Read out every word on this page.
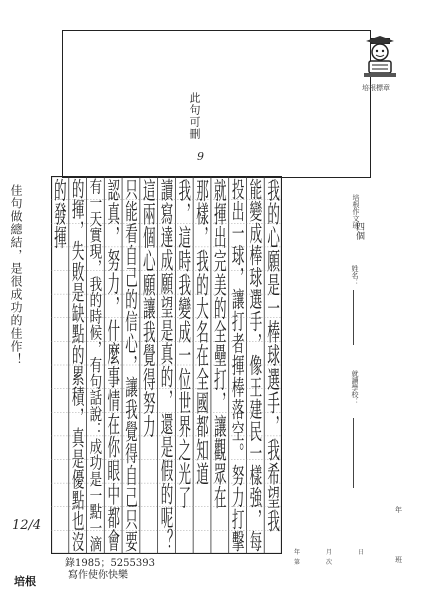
此句可刪
9
培根標章
我的心願是一棒球選手，我希望我
能變成棒球選手，像王建民一樣強，每
投出一球，讓打者揮棒落空。努力打擊
就揮出完美的全壘打，讓觀眾在
那樣，我的大名在全國都知道
我，這時我變成一位世界之光了
讀寫達成願望是真的，還是假的呢？
這兩個心願讓我覺得努力
只能看自己的信心，讓我覺得自己只要
認真，努力，什麼事情在你眼中都會
有一天實現，我的時候，有句話說：成功是一點一滴
的揮，失敗是缺點的累積，真是優點也沒
的發揮	培根作文班
四個
姓名：
就讀學校：
年
班
年月日
第次
佳句做總結，是很成功的佳作！
12/4
培根
錄1985；5255393
寫作使你快樂
